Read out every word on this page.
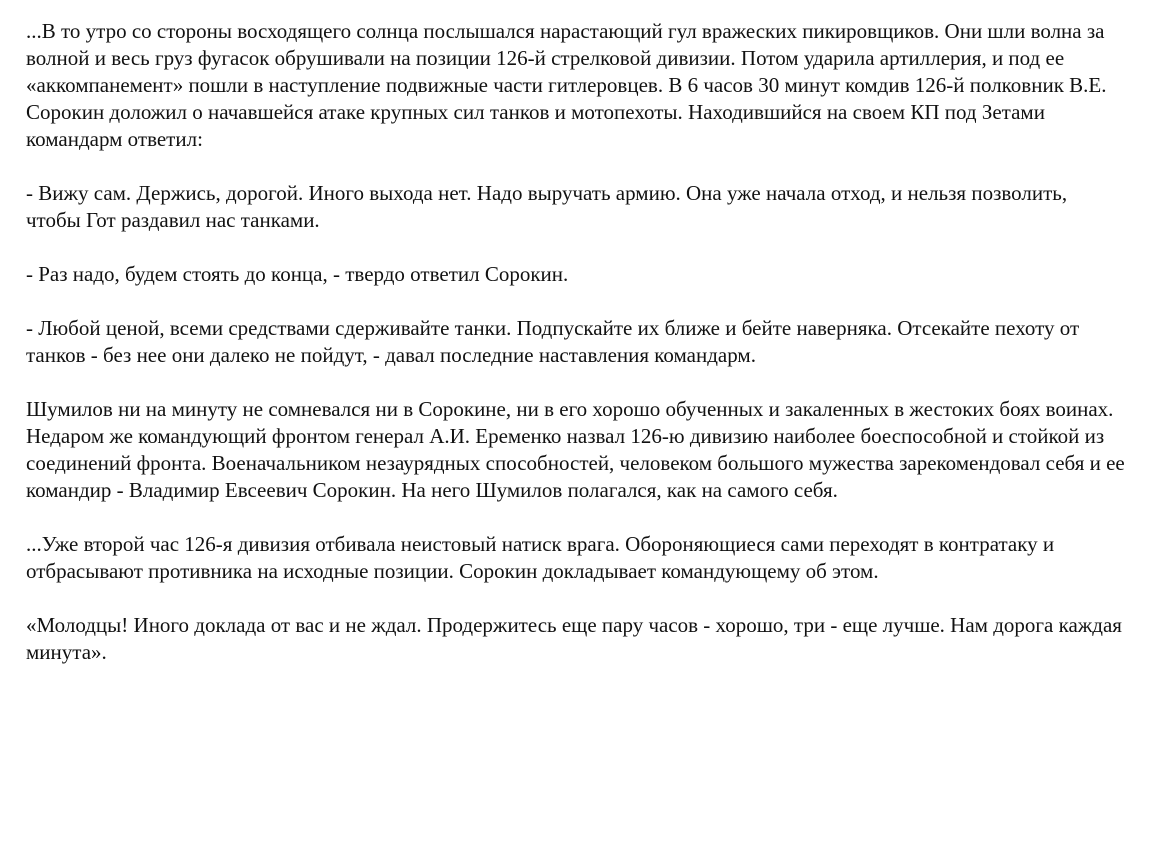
...В то утро со стороны восходящего солнца послышался нарастающий гул вражеских пикировщиков. Они шли волна за волной и весь груз фугасок обрушивали на позиции 126-й стрелковой дивизии. Потом ударила артиллерия, и под ее «аккомпанемент» пошли в наступление подвижные части гитлеровцев. В 6 часов 30 минут комдив 126-й полковник В.Е. Сорокин доложил о начавшейся атаке крупных сил танков и мотопехоты. Находившийся на своем КП под Зетами командарм ответил:

- Вижу сам. Держись, дорогой. Иного выхода нет. Надо выручать армию. Она уже начала отход, и нельзя позволить, чтобы Гот раздавил нас танками.

- Раз надо, будем стоять до конца, - твердо ответил Сорокин.

- Любой ценой, всеми средствами сдерживайте танки. Подпускайте их ближе и бейте наверняка. Отсекайте пехоту от танков - без нее они далеко не пойдут, - давал последние наставления командарм.

Шумилов ни на минуту не сомневался ни в Сорокине, ни в его хорошо обученных и закаленных в жестоких боях воинах. Недаром же командующий фронтом генерал А.И. Еременко назвал 126-ю дивизию наиболее боеспособной и стойкой из соединений фронта. Военачальником незаурядных способностей, человеком большого мужества зарекомендовал себя и ее командир - Владимир Евсеевич Сорокин. На него Шумилов полагался, как на самого себя.

...Уже второй час 126-я дивизия отбивала неистовый натиск врага. Обороняющиеся сами переходят в контратаку и отбрасывают противника на исходные позиции. Сорокин докладывает командующему об этом.

«Молодцы! Иного доклада от вас и не ждал. Продержитесь еще пару часов - хорошо, три - еще лучше. Нам дорога каждая минута».
